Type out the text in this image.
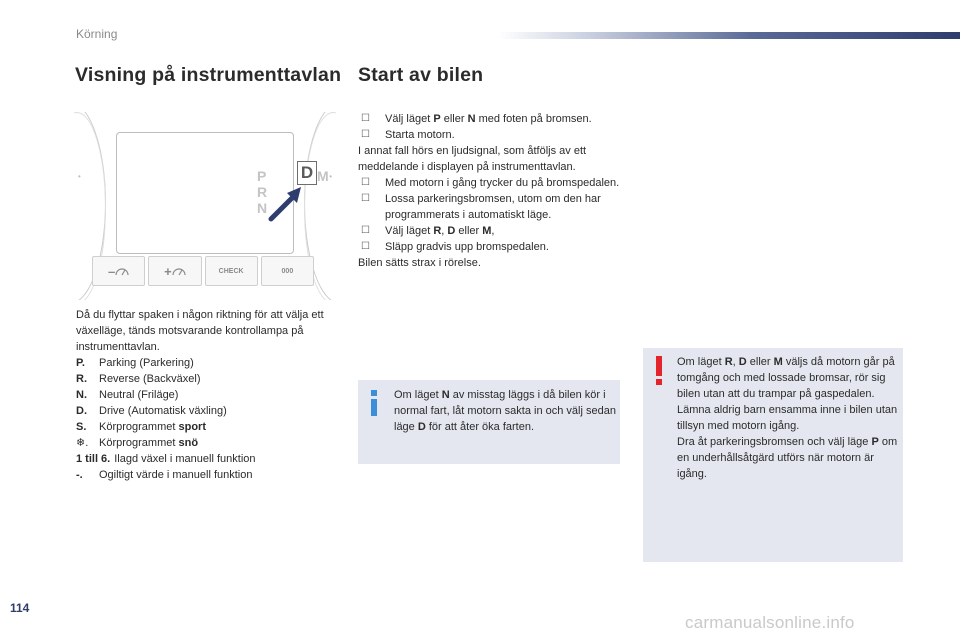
Körning
Visning på instrumenttavlan Start av bilen
•	•
P R N
D M
–	+	CHECK	000

Då du flyttar spaken i någon riktning för att välja ett växelläge, tänds motsvarande kontrollampa på instrumenttavlan.

P.	Parking (Parkering)
R.	Reverse (Backväxel)
N.	Neutral (Friläge)
D.	Drive (Automatisk växling)
S.	Körprogrammet sport
❄. Körprogrammet snö
1 till 6. Ilagd växel i manuell funktion
-.	Ogiltigt värde i manuell funktion
☐	Välj läget P eller N med foten på bromsen.
☐	Starta motorn.

I annat fall hörs en ljudsignal, som åtföljs av ett meddelande i displayen på instrumenttavlan.

☐	Med motorn i gång trycker du på bromspedalen.
☐	Lossa parkeringsbromsen, utom om den har programmerats i automatiskt läge.
☐	Välj läget R, D eller M,
☐	Släpp gradvis upp bromspedalen.

Bilen sätts strax i rörelse.

Om läget N av misstag läggs i då bilen kör i normal fart, låt motorn sakta in och välj sedan läge D för att åter öka farten.
Om läget R, D eller M väljs då motorn går på tomgång och med lossade bromsar, rör sig bilen utan att du trampar på gaspedalen.
Lämna aldrig barn ensamma inne i bilen utan tillsyn med motorn igång.
Dra åt parkeringsbromsen och välj läge P om en underhållsåtgärd utförs när motorn är igång.
114
carmanualsonline.info
